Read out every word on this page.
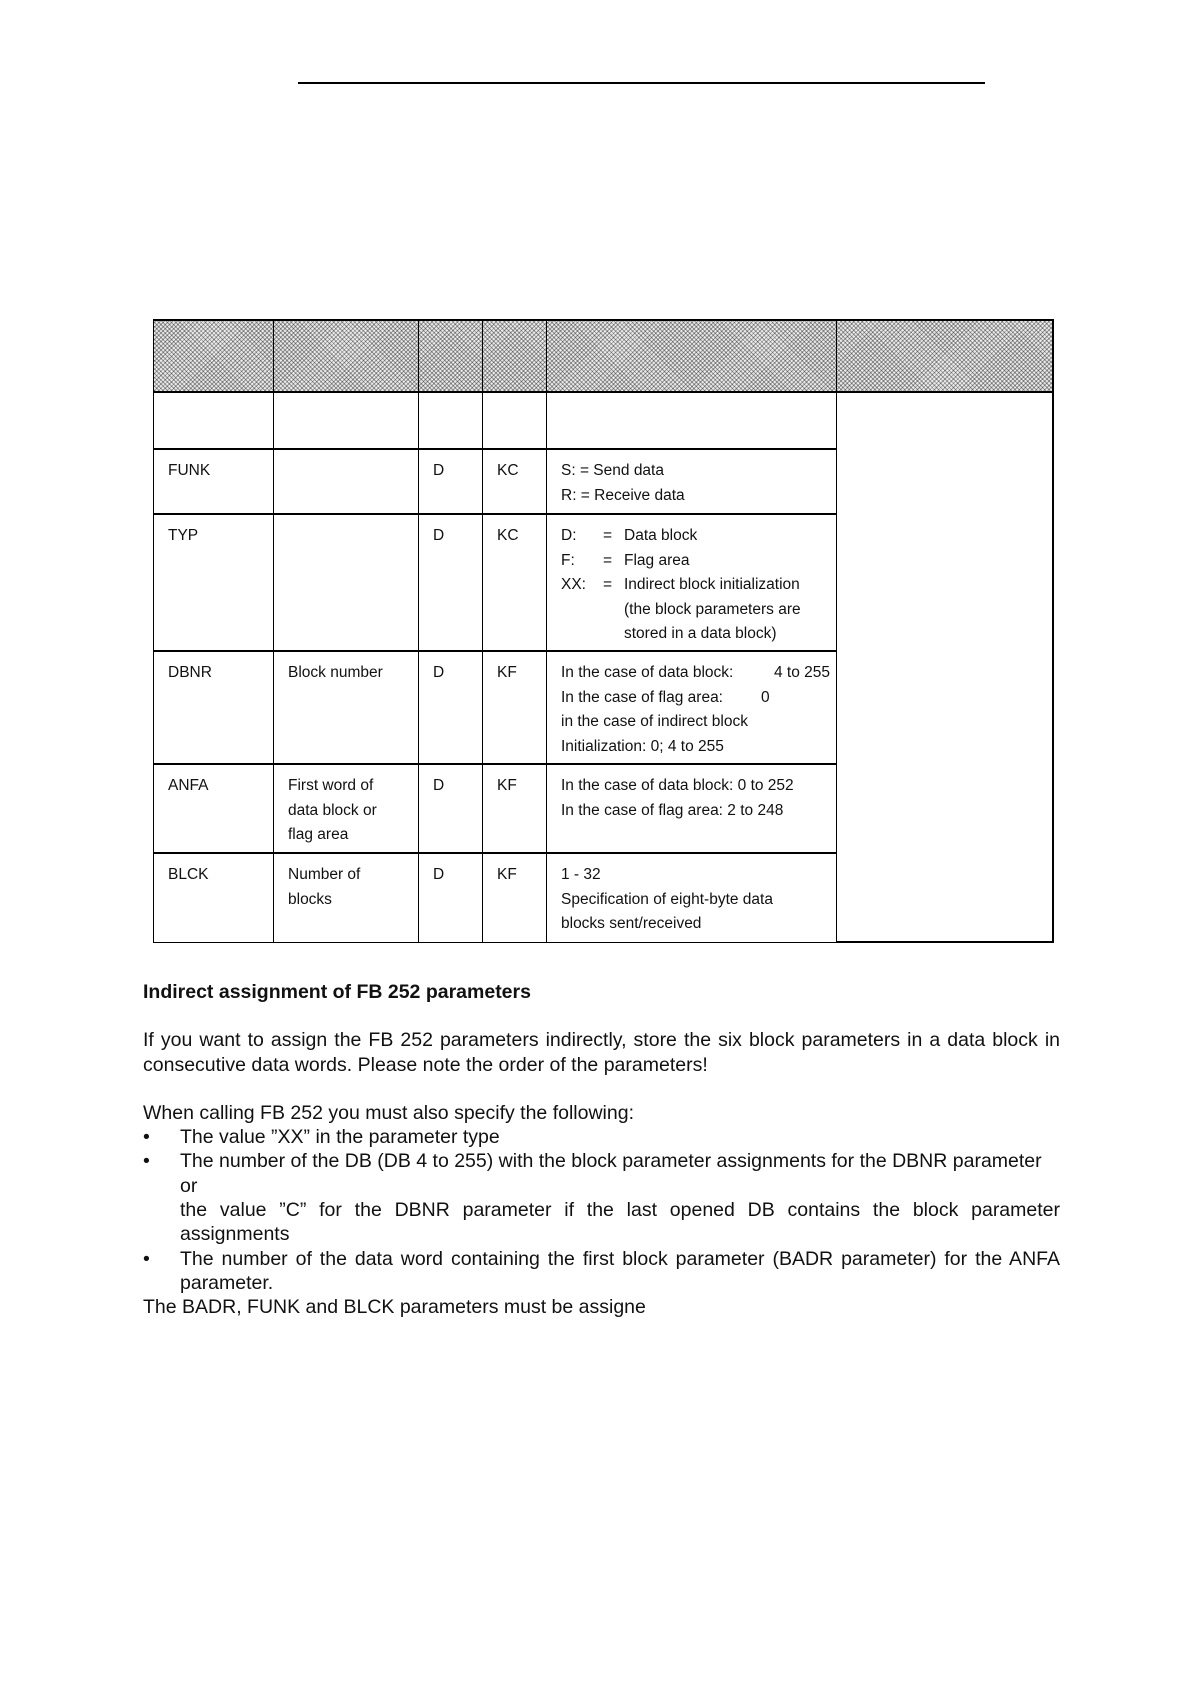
FUNK		D	KC	S: = Send data
R: = Receive data	

TYP		D	KC	D: = Data block
F: = Flag area
XX: = Indirect block initialization
(the block parameters are
stored in a data block)	

DBNR	Block number	D	KF	In the case of data block: 4 to 255
In the case of flag area: 0
in the case of indirect block
Initialization: 0; 4 to 255	

ANFA	First word of
data block or
flag area	D	KF	In the case of data block: 0 to 252
In the case of flag area: 2 to 248	

BLCK	Number of
blocks	D	KF	1 - 32
Specification of eight-byte data
blocks sent/received	
Indirect assignment of FB 252 parameters

If you want to assign the FB 252 parameters indirectly, store the six block parameters in a data block in consecutive data words. Please note the order of the parameters!

When calling FB 252 you must also specify the following:

• The value ”XX” in the parameter type
• The number of the DB (DB 4 to 255) with the block parameter assignments for the DBNR parameter
or
the value ”C” for the DBNR parameter if the last opened DB contains the block parameter assignments
• The number of the data word containing the first block parameter (BADR parameter) for the ANFA parameter.
The BADR, FUNK and BLCK parameters must be assigne
